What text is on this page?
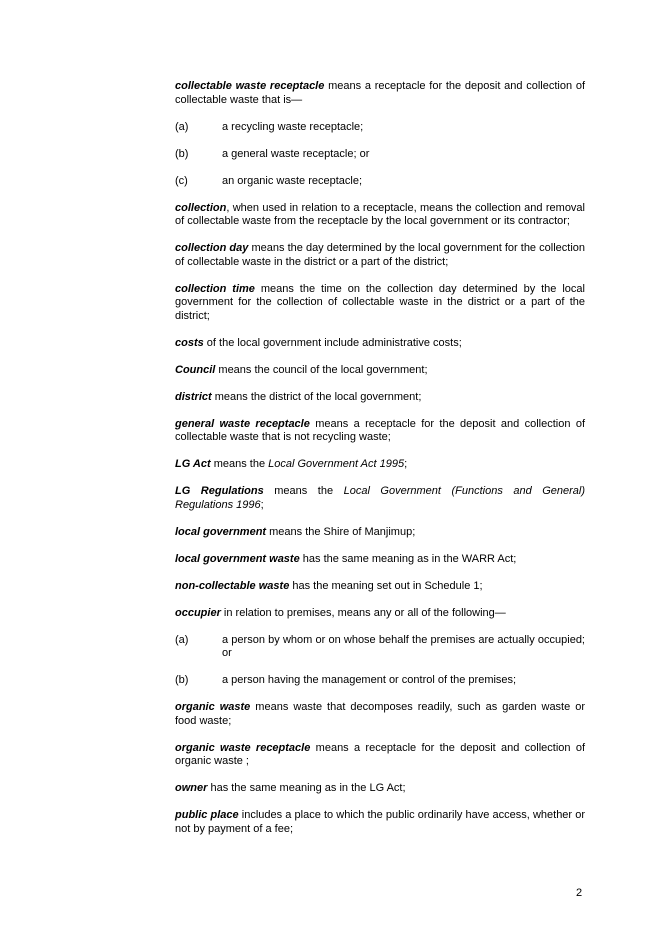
collectable waste receptacle means a receptacle for the deposit and collection of collectable waste that is—

(a)	a recycling waste receptacle;
(b)	a general waste receptacle; or
(c)	an organic waste receptacle;

collection, when used in relation to a receptacle, means the collection and removal of collectable waste from the receptacle by the local government or its contractor;

collection day means the day determined by the local government for the collection of collectable waste in the district or a part of the district;

collection time means the time on the collection day determined by the local government for the collection of collectable waste in the district or a part of the district;

costs of the local government include administrative costs;

Council means the council of the local government;

district means the district of the local government;

general waste receptacle means a receptacle for the deposit and collection of collectable waste that is not recycling waste;

LG Act means the Local Government Act 1995;

LG Regulations means the Local Government (Functions and General) Regulations 1996;

local government means the Shire of Manjimup;

local government waste has the same meaning as in the WARR Act;

non-collectable waste has the meaning set out in Schedule 1;

occupier in relation to premises, means any or all of the following—

(a)	a person by whom or on whose behalf the premises are actually occupied; or
(b)	a person having the management or control of the premises;

organic waste means waste that decomposes readily, such as garden waste or food waste;

organic waste receptacle means a receptacle for the deposit and collection of organic waste ;

owner has the same meaning as in the LG Act;

public place includes a place to which the public ordinarily have access, whether or not by payment of a fee;

2
